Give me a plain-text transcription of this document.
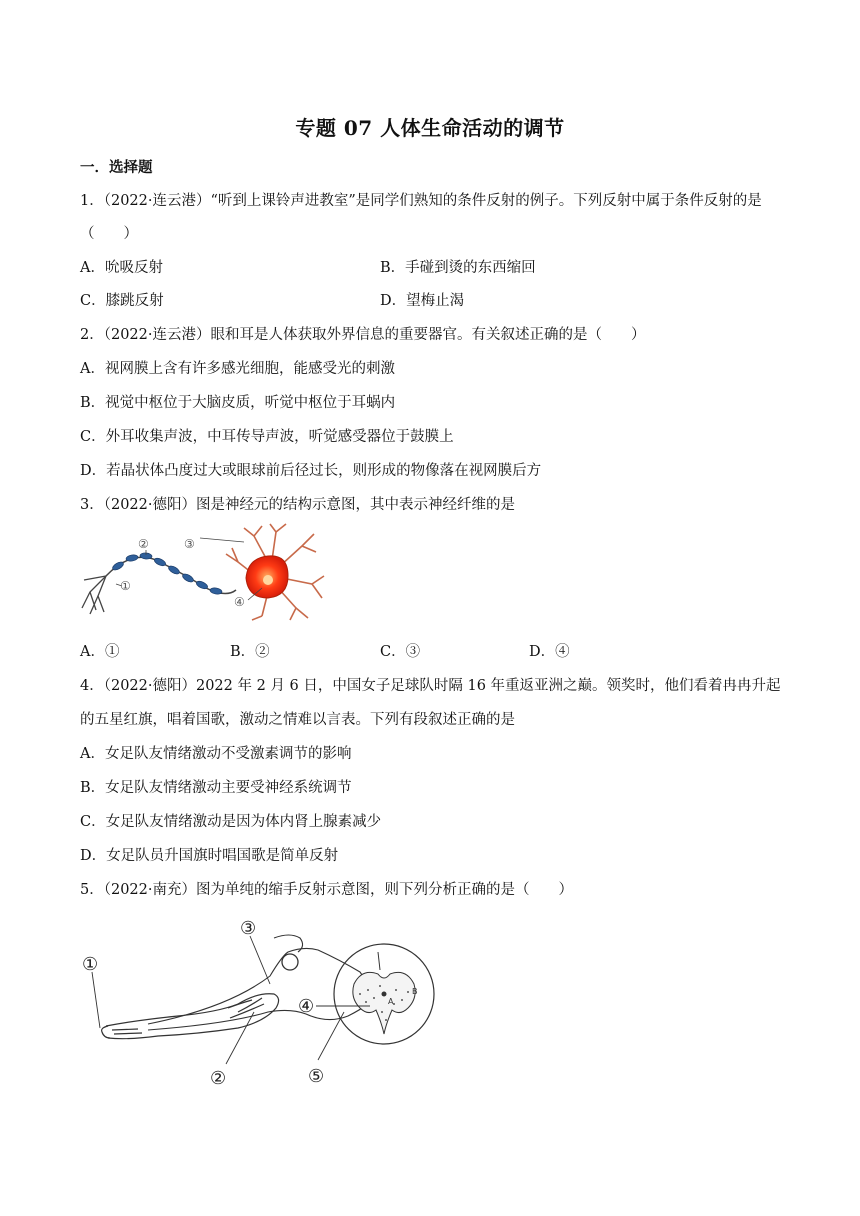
专题 07 人体生命活动的调节
一．选择题
1．（2022·连云港）“听到上课铃声进教室”是同学们熟知的条件反射的例子。下列反射中属于条件反射的是
（　　）
A．吮吸反射	B．手碰到烫的东西缩回
C．膝跳反射	D．望梅止渴
2．（2022·连云港）眼和耳是人体获取外界信息的重要器官。有关叙述正确的是（　　）
A．视网膜上含有许多感光细胞，能感受光的刺激
B．视觉中枢位于大脑皮质，听觉中枢位于耳蜗内
C．外耳收集声波，中耳传导声波，听觉感受器位于鼓膜上
D．若晶状体凸度过大或眼球前后径过长，则形成的物像落在视网膜后方
3．（2022·德阳）图是神经元的结构示意图，其中表示神经纤维的是
①
②	③
④
A．①	B．②	C．③	D．④
4．（2022·德阳）2022 年 2 月 6 日，中国女子足球队时隔 16 年重返亚洲之巅。领奖时，他们看着冉冉升起
的五星红旗，唱着国歌，激动之情难以言表。下列有段叙述正确的是
A．女足队友情绪激动不受激素调节的影响
B．女足队友情绪激动主要受神经系统调节
C．女足队友情绪激动是因为体内肾上腺素减少
D．女足队员升国旗时唱国歌是简单反射
5．（2022·南充）图为单纯的缩手反射示意图，则下列分析正确的是（　　）
①
②
③
④
⑤
A
B
